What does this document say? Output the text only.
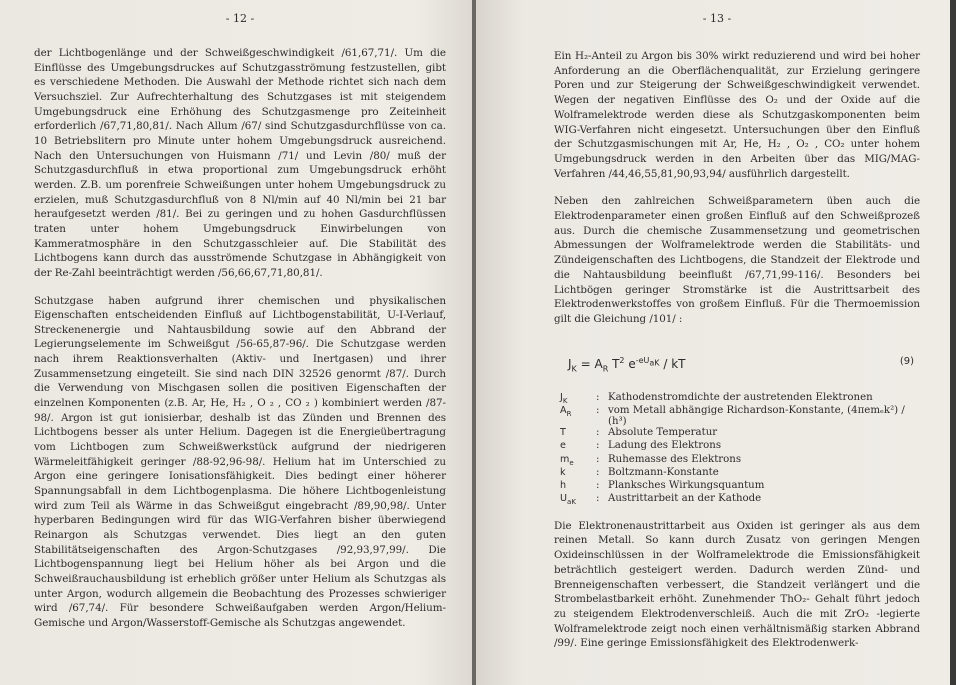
- 12 -

der Lichtbogenlänge und der Schweißgeschwindigkeit /61,67,71/. Um die Einflüsse des Umgebungsdruckes auf Schutzgasströmung festzustellen, gibt es verschiedene Methoden. Die Auswahl der Methode richtet sich nach dem Versuchsziel. Zur Aufrechterhaltung des Schutzgases ist mit steigendem Umgebungsdruck eine Erhöhung des Schutzgasmenge pro Zeiteinheit erforderlich /67,71,80,81/. Nach Allum /67/ sind Schutzgasdurchflüsse von ca. 10 Betriebslitern pro Minute unter hohem Umgebungsdruck ausreichend. Nach den Untersuchungen von Huismann /71/ und Levin /80/ muß der Schutzgasdurchfluß in etwa proportional zum Umgebungsdruck erhöht werden. Z.B. um porenfreie Schweißungen unter hohem Umgebungsdruck zu erzielen, muß Schutzgasdurchfluß von 8 Nl/min auf 40 Nl/min bei 21 bar heraufgesetzt werden /81/. Bei zu geringen und zu hohen Gasdurchflüssen traten unter hohem Umgebungsdruck Einwirbelungen von Kammeratmosphäre in den Schutzgasschleier auf. Die Stabilität des Lichtbogens kann durch das ausströmende Schutzgase in Abhängigkeit von der Re-Zahl beeinträchtigt werden /56,66,67,71,80,81/.

Schutzgase haben aufgrund ihrer chemischen und physikalischen Eigenschaften entscheidenden Einfluß auf Lichtbogenstabilität, U-I-Verlauf, Streckenenergie und Nahtausbildung sowie auf den Abbrand der Legierungselemente im Schweißgut /56-65,87-96/. Die Schutzgase werden nach ihrem Reaktionsverhalten (Aktiv- und Inertgasen) und ihrer Zusammensetzung eingeteilt. Sie sind nach DIN 32526 genormt /87/. Durch die Verwendung von Mischgasen sollen die positiven Eigenschaften der einzelnen Komponenten (z.B. Ar, He, H₂ , O ₂ , CO ₂ ) kombiniert werden /87-98/. Argon ist gut ionisierbar, deshalb ist das Zünden und Brennen des Lichtbogens besser als unter Helium. Dagegen ist die Energieübertragung vom Lichtbogen zum Schweißwerkstück aufgrund der niedrigeren Wärmeleitfähigkeit geringer /88-92,96-98/. Helium hat im Unterschied zu Argon eine geringere Ionisationsfähigkeit. Dies bedingt einer höherer Spannungsabfall in dem Lichtbogenplasma. Die höhere Lichtbogenleistung wird zum Teil als Wärme in das Schweißgut eingebracht /89,90,98/. Unter hyperbaren Bedingungen wird für das WIG-Verfahren bisher überwiegend Reinargon als Schutzgas verwendet. Dies liegt an den guten Stabilitätseigenschaften des Argon-Schutzgases /92,93,97,99/. Die Lichtbogenspannung liegt bei Helium höher als bei Argon und die Schweißrauchausbildung ist erheblich größer unter Helium als Schutzgas als unter Argon, wodurch allgemein die Beobachtung des Prozesses schwieriger wird /67,74/. Für besondere Schweißaufgaben werden Argon/Helium-Gemische und Argon/Wasserstoff-Gemische als Schutzgas angewendet.

- 13 -

Ein H₂-Anteil zu Argon bis 30% wirkt reduzierend und wird bei hoher Anforderung an die Oberflächenqualität, zur Erzielung geringere Poren und zur Steigerung der Schweißgeschwindigkeit verwendet. Wegen der negativen Einflüsse des O₂ und der Oxide auf die Wolframelektrode werden diese als Schutzgaskomponenten beim WIG-Verfahren nicht eingesetzt. Untersuchungen über den Einfluß der Schutzgasmischungen mit Ar, He, H₂ , O₂ , CO₂ unter hohem Umgebungsdruck werden in den Arbeiten über das MIG/MAG-Verfahren /44,46,55,81,90,93,94/ ausführlich dargestellt.

Neben den zahlreichen Schweißparametern üben auch die Elektrodenparameter einen großen Einfluß auf den Schweißprozeß aus. Durch die chemische Zusammensetzung und geometrischen Abmessungen der Wolframelektrode werden die Stabilitäts- und Zündeigenschaften des Lichtbogens, die Standzeit der Elektrode und die Nahtausbildung beeinflußt /67,71,99-116/. Besonders bei Lichtbögen geringer Stromstärke ist die Austrittsarbeit des Elektrodenwerkstoffes von großem Einfluß. Für die Thermoemission gilt die Gleichung /101/ :

$J_K = A_R$ $T^2$ $e^{-eU_{aK}}$ / kT	(9)
$J_K$	:	Kathodenstromdichte der austretenden Elektronen
$A_R$	:	vom Metall abhängige Richardson-Konstante, (4πemₑk²) / (h³)
T	:	Absolute Temperatur
e	:	Ladung des Elektrons
$m_e$	:	Ruhemasse des Elektrons
k	:	Boltzmann-Konstante
h	:	Planksches Wirkungsquantum
$U_{aK}$	:	Austrittarbeit an der Kathode

Die Elektronenaustrittarbeit aus Oxiden ist geringer als aus dem reinen Metall. So kann durch Zusatz von geringen Mengen Oxideinschlüssen in der Wolframelektrode die Emissionsfähigkeit beträchtlich gesteigert werden. Dadurch werden Zünd- und Brenneigenschaften verbessert, die Standzeit verlängert und die Strombelastbarkeit erhöht. Zunehmender ThO₂- Gehalt führt jedoch zu steigendem Elektrodenverschleiß. Auch die mit ZrO₂ -legierte Wolframelektrode zeigt noch einen verhältnismäßig starken Abbrand /99/. Eine geringe Emissionsfähigkeit des Elektrodenwerk-
